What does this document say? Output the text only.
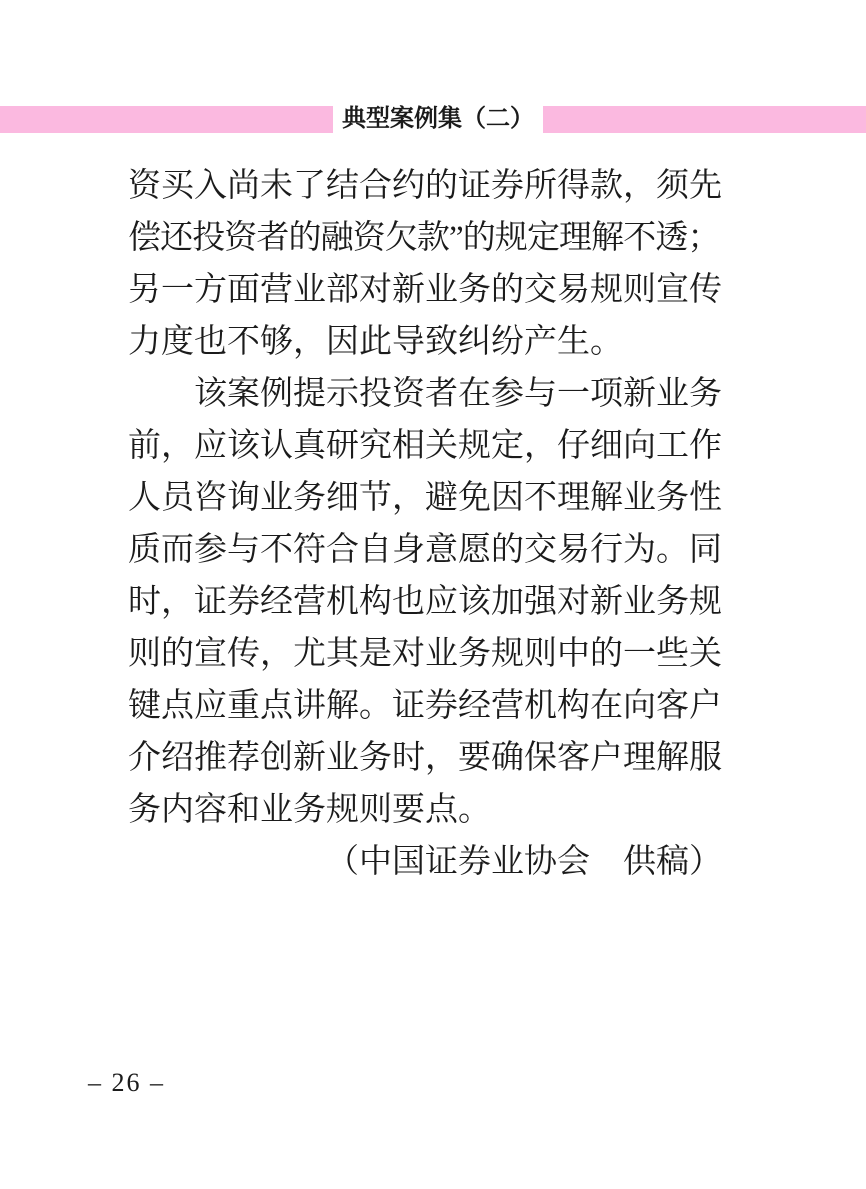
典型案例集（二）
资买入尚未了结合约的证券所得款，须先
偿还投资者的融资欠款”的规定理解不透；
另一方面营业部对新业务的交易规则宣传
力度也不够，因此导致纠纷产生。
该案例提示投资者在参与一项新业务
前，应该认真研究相关规定，仔细向工作
人员咨询业务细节，避免因不理解业务性
质而参与不符合自身意愿的交易行为。同
时，证券经营机构也应该加强对新业务规
则的宣传，尤其是对业务规则中的一些关
键点应重点讲解。证券经营机构在向客户
介绍推荐创新业务时，要确保客户理解服
务内容和业务规则要点。
（中国证券业协会　供稿）
– 26 –
